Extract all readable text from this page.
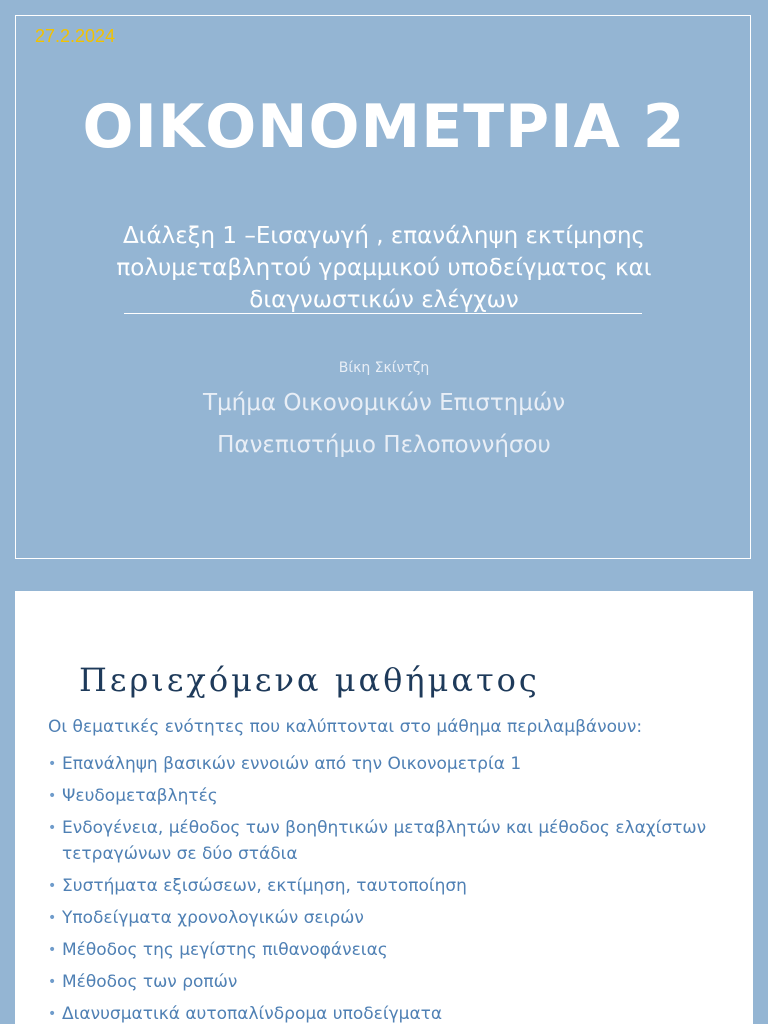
27.2.2024
ΟΙΚΟΝΟΜΕΤΡΙΑ 2
Διάλεξη 1 –Εισαγωγή , επανάληψη εκτίμησης πολυμεταβλητού γραμμικού υποδείγματος και διαγνωστικών ελέγχων
Βίκη Σκίντζη
Τμήμα Οικονομικών Επιστημών
Πανεπιστήμιο Πελοποννήσου
Περιεχόμενα μαθήματος
Οι θεματικές ενότητες που καλύπτονται στο μάθημα περιλαμβάνουν:
• Επανάληψη βασικών εννοιών από την Οικονομετρία 1
• Ψευδομεταβλητές
• Ενδογένεια, μέθοδος των βοηθητικών μεταβλητών και μέθοδος ελαχίστων τετραγώνων σε δύο στάδια
• Συστήματα εξισώσεων, εκτίμηση, ταυτοποίηση
• Υποδείγματα χρονολογικών σειρών
• Μέθοδος της μεγίστης πιθανοφάνειας
• Μέθοδος των ροπών
• Διανυσματικά αυτοπαλίνδρομα υποδείγματα
